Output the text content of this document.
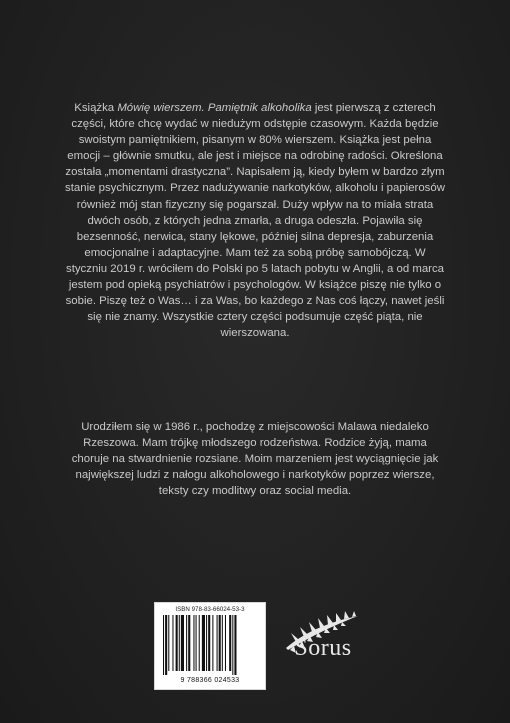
Książka Mówię wierszem. Pamiętnik alkoholika jest pierwszą z czterech części, które chcę wydać w niedużym odstępie czasowym. Każda będzie swoistym pamiętnikiem, pisanym w 80% wierszem. Książka jest pełna emocji – głównie smutku, ale jest i miejsce na odrobinę radości. Określona została „momentami drastyczna”. Napisałem ją, kiedy byłem w bardzo złym stanie psychicznym. Przez nadużywanie narkotyków, alkoholu i papierosów również mój stan fizyczny się pogarszał. Duży wpływ na to miała strata dwóch osób, z których jedna zmarła, a druga odeszła. Pojawiła się bezsenność, nerwica, stany lękowe, później silna depresja, zaburzenia emocjonalne i adaptacyjne. Mam też za sobą próbę samobójczą. W styczniu 2019 r. wróciłem do Polski po 5 latach pobytu w Anglii, a od marca jestem pod opieką psychiatrów i psychologów. W książce piszę nie tylko o sobie. Piszę też o Was… i za Was, bo każdego z Nas coś łączy, nawet jeśli się nie znamy. Wszystkie cztery części podsumuje część piąta, nie wierszowana.

Urodziłem się w 1986 r., pochodzę z miejscowości Malawa niedaleko Rzeszowa. Mam trójkę młodszego rodzeństwa. Rodzice żyją, mama choruje na stwardnienie rozsiane. Moim marzeniem jest wyciągnięcie jak największej ludzi z nałogu alkoholowego i narkotyków poprzez wiersze, teksty czy modlitwy oraz social media.

ISBN 978-83-66024-53-3
9 788366 024533
Sorus
